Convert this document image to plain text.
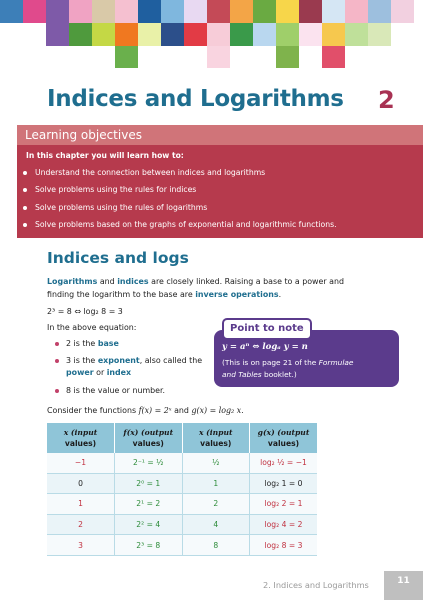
Indices and Logarithms 2
Learning objectives
In this chapter you will learn how to:
Understand the connection between indices and logarithms
Solve problems using the rules for indices
Solve problems using the rules of logarithms
Solve problems based on the graphs of exponential and logarithmic functions.
Indices and logs
Logarithms and indices are closely linked. Raising a base to a power and
finding the logarithm to the base are inverse operations.
2³ = 8 ⇔ log₂ 8 = 3
In the above equation:
2 is the base
3 is the exponent, also called the
power or index
8 is the value or number.
Consider the functions f(x) = 2ˣ and g(x) = log₂ x.
y = aⁿ ⇔ logₐ y = n
(This is on page 21 of the Formulae
and Tables booklet.)
Point to note
x (input
values)	f(x) (output
values)	x (input
values)	g(x) (output
values)
−1	2⁻¹ = ½	½	log₂ ½ = −1
0	2⁰ = 1	1	log₂ 1 = 0
1	2¹ = 2	2	log₂ 2 = 1
2	2² = 4	4	log₂ 4 = 2
3	2³ = 8	8	log₂ 8 = 3
2. Indices and Logarithms	11
